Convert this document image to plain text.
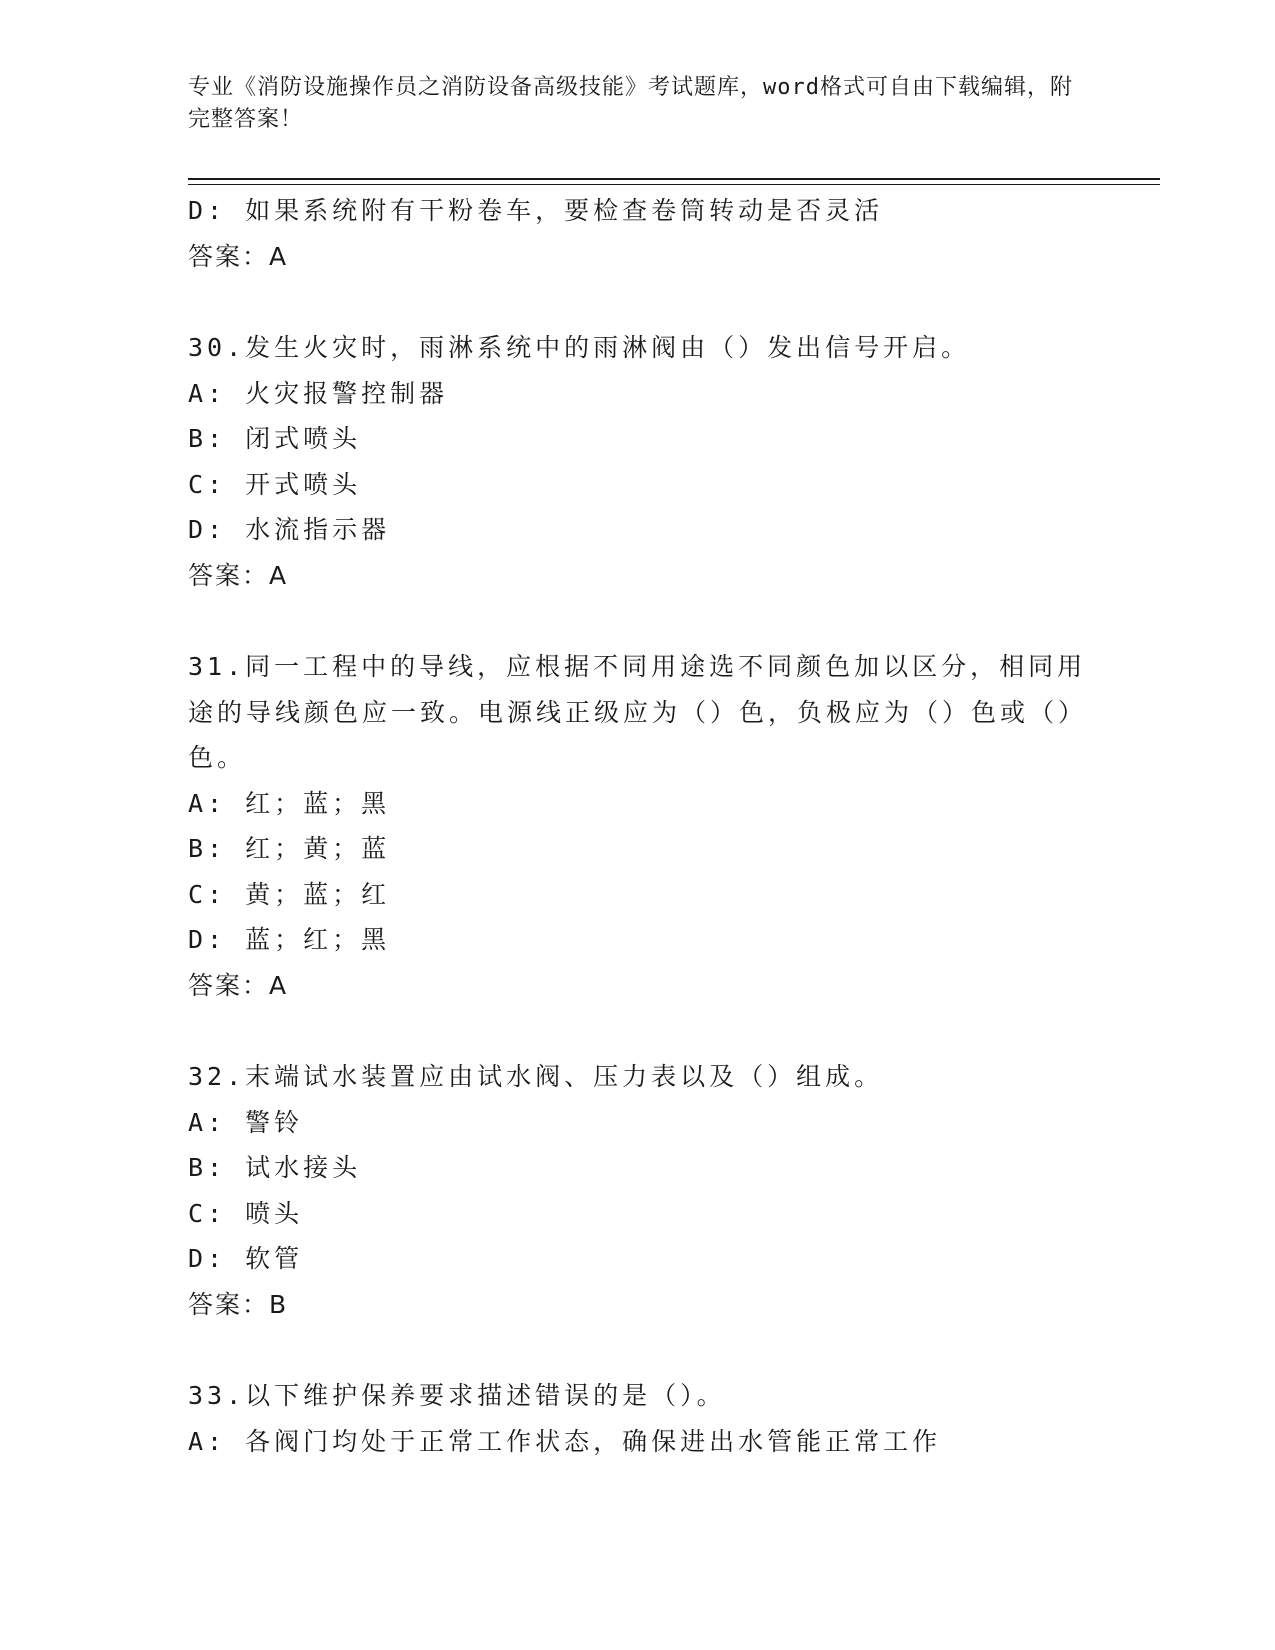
专业《消防设施操作员之消防设备高级技能》考试题库，word格式可自由下载编辑，附完整答案！
D: 如果系统附有干粉卷车，要检查卷筒转动是否灵活
答案：A
30.发生火灾时，雨淋系统中的雨淋阀由（）发出信号开启。
A: 火灾报警控制器
B: 闭式喷头
C: 开式喷头
D: 水流指示器
答案：A
31.同一工程中的导线，应根据不同用途选不同颜色加以区分，相同用途的导线颜色应一致。电源线正级应为（）色，负极应为（）色或（）色。
A: 红；蓝；黑
B: 红；黄；蓝
C: 黄；蓝；红
D: 蓝；红；黑
答案：A
32.末端试水装置应由试水阀、压力表以及（）组成。
A: 警铃
B: 试水接头
C: 喷头
D: 软管
答案：B
33.以下维护保养要求描述错误的是（）。
A: 各阀门均处于正常工作状态，确保进出水管能正常工作
